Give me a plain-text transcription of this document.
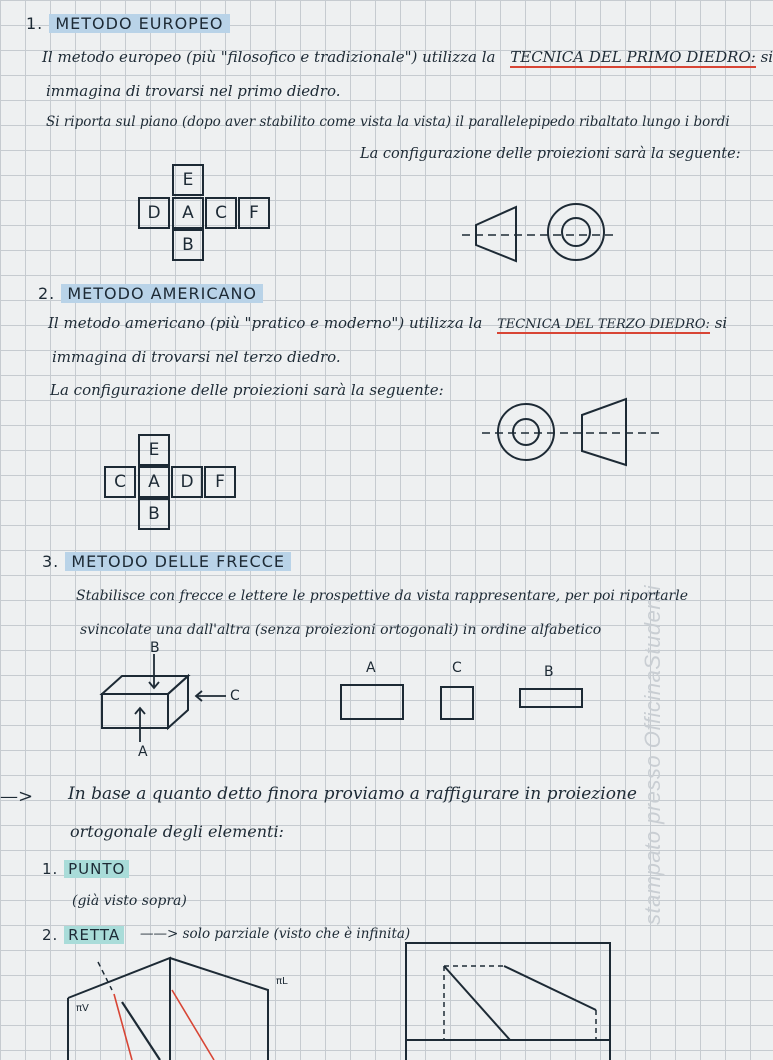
stampato presso OfficinaStudenti
1. METODO EUROPEO
Il metodo europeo (più "filosofico e tradizionale") utilizza la TECNICA DEL PRIMO DIEDRO: si
immagina di trovarsi nel primo diedro.
Si riporta sul piano (dopo aver stabilito come vista la vista) il parallelepipedo ribaltato lungo i bordi
La configurazione delle proiezioni sarà la seguente:
E
D	A	C	F
B
2. METODO AMERICANO
Il metodo americano (più "pratico e moderno") utilizza la TECNICA DEL TERZO DIEDRO: si
immagina di trovarsi nel terzo diedro.
La configurazione delle proiezioni sarà la seguente:
E
C	A	D	F
B
3. METODO DELLE FRECCE
Stabilisce con frecce e lettere le prospettive da vista rappresentare, per poi riportarle
svincolate una dall'altra (senza proiezioni ortogonali) in ordine alfabetico
B
C
A
A	C	B
—> In base a quanto detto finora proviamo a raffigurare in proiezione
ortogonale degli elementi:
1. PUNTO
(già visto sopra)
2. RETTA ——> solo parziale (visto che è infinita)
πV
πL
